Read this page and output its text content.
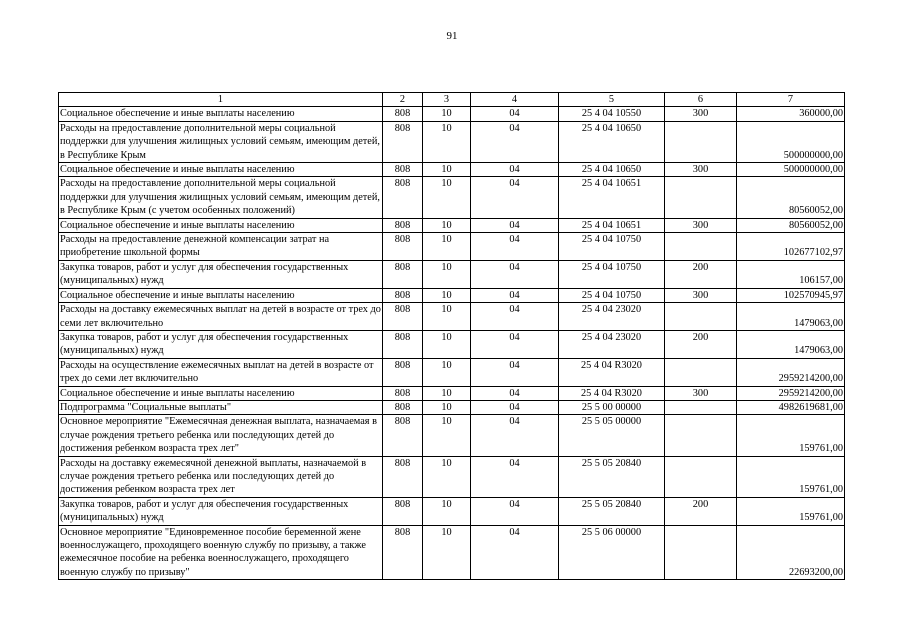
91
1	2	3	4	5	6	7
Социальное обеспечение и иные выплаты населению	808	10	04	25 4 04 10550	300	360000,00
Расходы на предоставление дополнительной меры социальной поддержки для улучшения жилищных условий семьям, имеющим детей, в Республике Крым	808	10	04	25 4 04 10650		500000000,00
Социальное обеспечение и иные выплаты населению	808	10	04	25 4 04 10650	300	500000000,00
Расходы на предоставление дополнительной меры социальной поддержки для улучшения жилищных условий семьям, имеющим детей, в Республике Крым (с учетом особенных положений)	808	10	04	25 4 04 10651		80560052,00
Социальное обеспечение и иные выплаты населению	808	10	04	25 4 04 10651	300	80560052,00
Расходы на предоставление денежной компенсации затрат на приобретение школьной формы	808	10	04	25 4 04 10750		102677102,97
Закупка товаров, работ и услуг для обеспечения государственных (муниципальных) нужд	808	10	04	25 4 04 10750	200	106157,00
Социальное обеспечение и иные выплаты населению	808	10	04	25 4 04 10750	300	102570945,97
Расходы на доставку ежемесячных выплат на детей в возрасте от трех до семи лет включительно	808	10	04	25 4 04 23020		1479063,00
Закупка товаров, работ и услуг для обеспечения государственных (муниципальных) нужд	808	10	04	25 4 04 23020	200	1479063,00
Расходы на осуществление ежемесячных выплат на детей в возрасте от трех до семи лет включительно	808	10	04	25 4 04 R3020		2959214200,00
Социальное обеспечение и иные выплаты населению	808	10	04	25 4 04 R3020	300	2959214200,00
Подпрограмма "Социальные выплаты"	808	10	04	25 5 00 00000		4982619681,00
Основное мероприятие "Ежемесячная денежная выплата, назначаемая в случае рождения третьего ребенка или последующих детей до достижения ребенком возраста трех лет"	808	10	04	25 5 05 00000		159761,00
Расходы на доставку ежемесячной денежной выплаты, назначаемой в случае рождения третьего ребенка или последующих детей до достижения ребенком возраста трех лет	808	10	04	25 5 05 20840		159761,00
Закупка товаров, работ и услуг для обеспечения государственных (муниципальных) нужд	808	10	04	25 5 05 20840	200	159761,00
Основное мероприятие "Единовременное пособие беременной жене военнослужащего, проходящего военную службу по призыву, а также ежемесячное пособие на ребенка военнослужащего, проходящего военную службу по призыву"	808	10	04	25 5 06 00000		22693200,00
